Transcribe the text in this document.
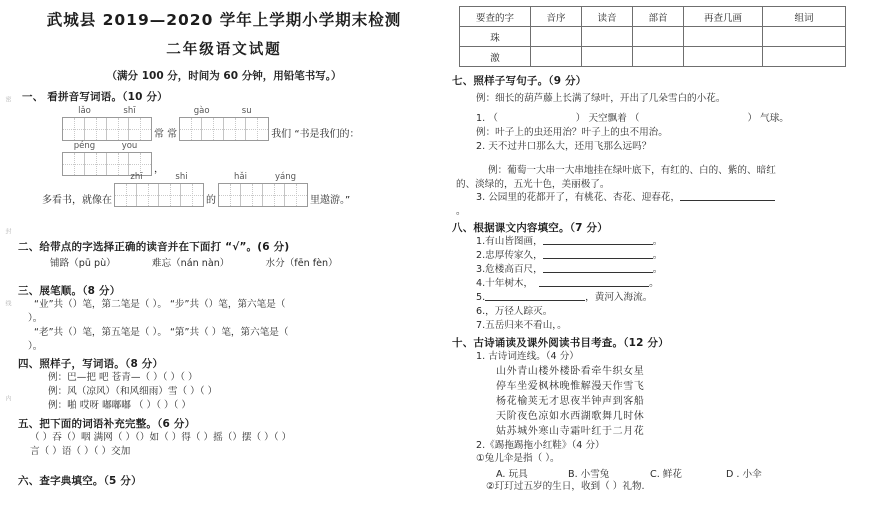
密
封
线
内
武城县 2019—2020 学年上学期小学期末检测
二年级语文试题
（满分 100 分，时间为 60 分钟，用铅笔书写。）
一、 看拼音写词语。（10 分）
lǎo	shī
常 常
gào	su
我们 “书是我们的：
péng	you
，
多看书，就像在
zhī	shi
的
hǎi	yáng
里遨游。”
二、给带点的字选择正确的读音并在下面打 “√”。(6 分)
铺路（pū pù）	难忘（nán nàn）	水分（fēn fèn）
三、展笔顺。（8 分）
“业”共（）笔，第二笔是（ ）。 “步”共（）笔，第六笔是（
）。
“老”共（）笔，第五笔是（ ）。 “第”共（ ）笔，第六笔是（
）。
四、照样子，写词语。（8 分）
例：巴—把 吧 苍青—（ ）（ ）（ ）
例：风（凉风）（和风细雨）雪（ ）（ ）
例：啪 哎呀 嘟嘟嘟 （ ）（ ）（ ）
五、把下面的词语补充完整。（6 分）
（ ）吞（）咽 满网（ ）（）如（ ）得（ ）摇（）摆（ ）（ ）
言（ ）语（ ）（ ）交加
六、查字典填空。（5 分）
要查的字	音序	读音	部首	再查几画	组词
珠					
激					
七、照样子写句子。（9 分）
例：细长的葫芦藤上长满了绿叶，开出了几朵雪白的小花。
1. （	） 天空飘着 （	） 气球。
例：叶子上的虫还用治？叶子上的虫不用治。
2. 天不过井口那么大，还用飞那么远吗？
例：葡萄一大串一大串地挂在绿叶底下，有红的、白的、紫的、暗红
的、淡绿的，五光十色，美丽极了。
3. 公园里的花都开了，有桃花、杏花、迎春花，
。
八、根据课文内容填空。（7 分）
1.有山皆图画，	。
2.忠厚传家久，	。
3.危楼高百尺，	。
4.十年树木，	。
5.	，黄河入海流。
6.，万径人踪灭。
7.五岳归来不看山，。
十、古诗诵读及课外阅读书目考查。（12 分）
1. 古诗词连线。（4 分）
山外青山楼外楼卧看牵牛织女星
停车坐爱枫林晚惟解漫天作雪飞
杨花榆荚无才思夜半钟声到客船
天阶夜色凉如水西湖歌舞几时休
姑苏城外寒山寺霜叶红于二月花
2.《踢拖踢拖小红鞋》（4 分）
①兔儿伞是指（ ）。
A. 玩具	B. 小雪兔	C. 鲜花	D . 小伞
②玎玎过五岁的生日，收到（ ）礼物.
